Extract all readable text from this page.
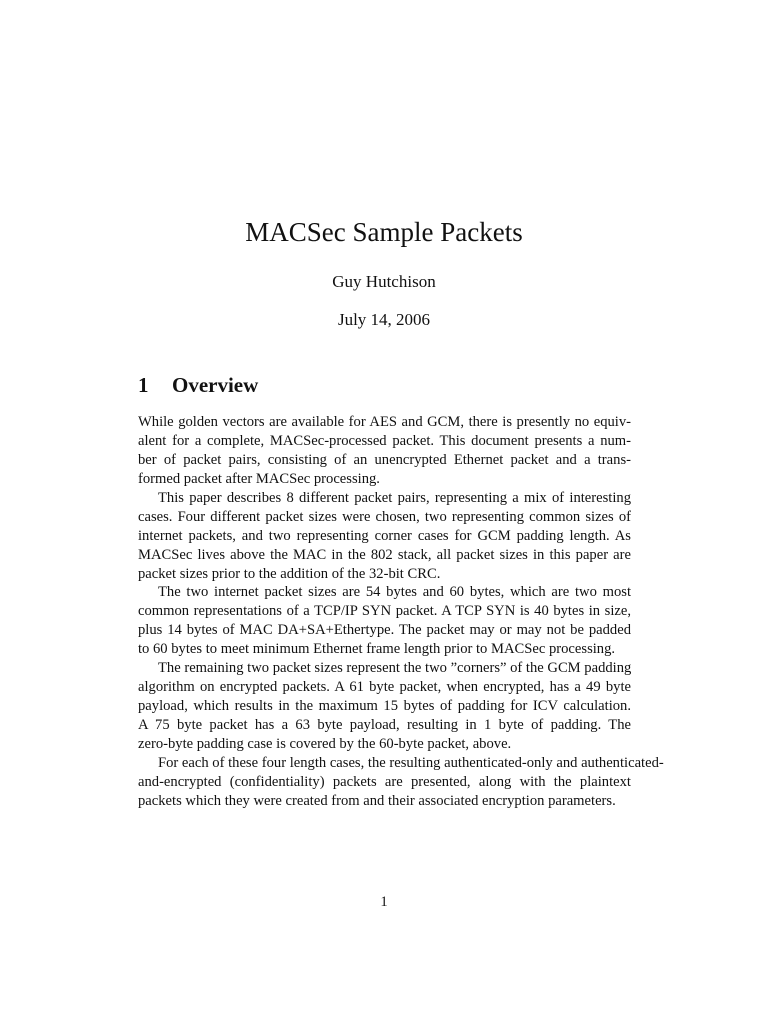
MACSec Sample Packets
Guy Hutchison
July 14, 2006
1 Overview
While golden vectors are available for AES and GCM, there is presently no equiv-
alent for a complete, MACSec-processed packet. This document presents a num-
ber of packet pairs, consisting of an unencrypted Ethernet packet and a trans-
formed packet after MACSec processing.
This paper describes 8 different packet pairs, representing a mix of interesting
cases. Four different packet sizes were chosen, two representing common sizes of
internet packets, and two representing corner cases for GCM padding length. As
MACSec lives above the MAC in the 802 stack, all packet sizes in this paper are
packet sizes prior to the addition of the 32-bit CRC.
The two internet packet sizes are 54 bytes and 60 bytes, which are two most
common representations of a TCP/IP SYN packet. A TCP SYN is 40 bytes in size,
plus 14 bytes of MAC DA+SA+Ethertype. The packet may or may not be padded
to 60 bytes to meet minimum Ethernet frame length prior to MACSec processing.
The remaining two packet sizes represent the two ”corners” of the GCM padding
algorithm on encrypted packets. A 61 byte packet, when encrypted, has a 49 byte
payload, which results in the maximum 15 bytes of padding for ICV calculation.
A 75 byte packet has a 63 byte payload, resulting in 1 byte of padding. The
zero-byte padding case is covered by the 60-byte packet, above.
For each of these four length cases, the resulting authenticated-only and authenticated-
and-encrypted (confidentiality) packets are presented, along with the plaintext
packets which they were created from and their associated encryption parameters.
1
